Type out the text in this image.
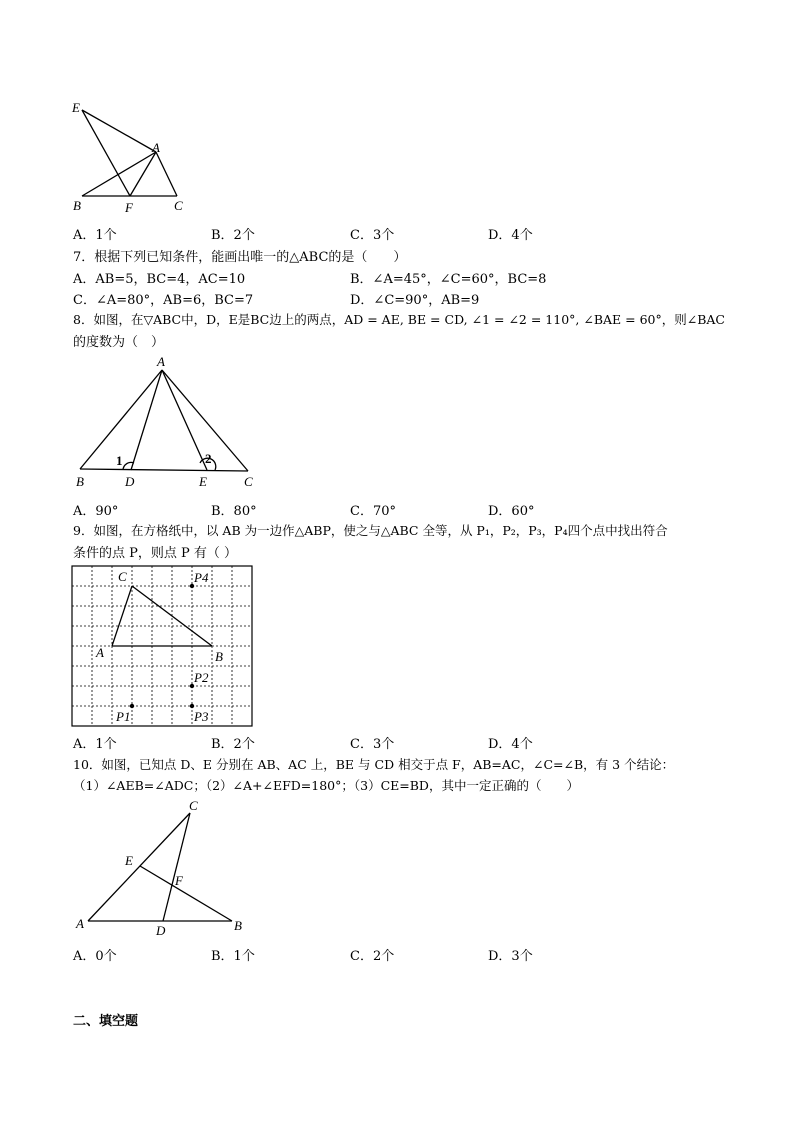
E
A
B	F	C
A．1个	B．2个	C．3个	D．4个
7．根据下列已知条件，能画出唯一的△ABC的是（　　）
A．AB=5，BC=4，AC=10	B．∠A=45°，∠C=60°，BC=8
C．∠A=80°，AB=6，BC=7	D．∠C=90°，AB=9
8．如图，在▽ABC中，D，E是BC边上的两点，AD = AE, BE = CD, ∠1 = ∠2 = 110°, ∠BAE = 60°，则∠BAC
的度数为（　）
A
1	2
B	D	E	C
A．90°	B．80°	C．70°	D．60°
9．如图，在方格纸中，以 AB 为一边作△ABP，使之与△ABC 全等，从 P₁，P₂，P₃，P₄四个点中找出符合
条件的点 P，则点 P 有（ ）
C	P4
A	B
P2
P1	P3
A．1个	B．2个	C．3个	D．4个
10．如图，已知点 D、E 分别在 AB、AC 上，BE 与 CD 相交于点 F，AB=AC，∠C=∠B，有 3 个结论：
（1）∠AEB=∠ADC；（2）∠A+∠EFD=180°；（3）CE=BD，其中一定正确的（　　）
C
E
F
A	D	B
A．0个	B．1个	C．2个	D．3个
二、填空题
